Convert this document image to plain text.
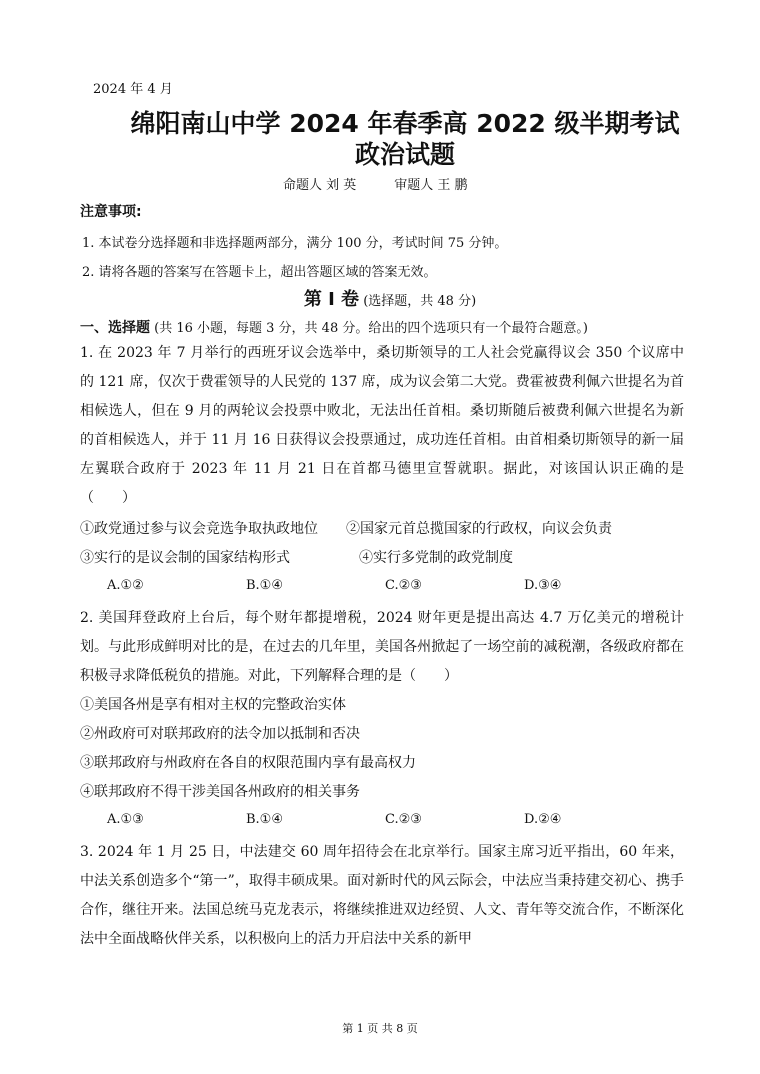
2024 年 4 月
绵阳南山中学 2024 年春季高 2022 级半期考试
政治试题
命题人 刘 英	审题人 王 鹏
注意事项:
1. 本试卷分选择题和非选择题两部分，满分 100 分，考试时间 75 分钟。
2. 请将各题的答案写在答题卡上，超出答题区域的答案无效。
第 I 卷 (选择题，共 48 分)
一、选择题 (共 16 小题，每题 3 分，共 48 分。给出的四个选项只有一个最符合题意。)
1. 在 2023 年 7 月举行的西班牙议会选举中，桑切斯领导的工人社会党赢得议会 350 个议席中的 121 席，仅次于费霍领导的人民党的 137 席，成为议会第二大党。费霍被费利佩六世提名为首相候选人，但在 9 月的两轮议会投票中败北，无法出任首相。桑切斯随后被费利佩六世提名为新的首相候选人，并于 11 月 16 日获得议会投票通过，成功连任首相。由首相桑切斯领导的新一届左翼联合政府于 2023 年 11 月 21 日在首都马德里宣誓就职。据此，对该国认识正确的是（　　）
①政党通过参与议会竞选争取执政地位 ②国家元首总揽国家的行政权，向议会负责
③实行的是议会制的国家结构形式	④实行多党制的政党制度
A.①②	B.①④	C.②③	D.③④
2. 美国拜登政府上台后，每个财年都提增税，2024 财年更是提出高达 4.7 万亿美元的增税计划。与此形成鲜明对比的是，在过去的几年里，美国各州掀起了一场空前的减税潮，各级政府都在积极寻求降低税负的措施。对此，下列解释合理的是（　　）
①美国各州是享有相对主权的完整政治实体
②州政府可对联邦政府的法令加以抵制和否决
③联邦政府与州政府在各自的权限范围内享有最高权力
④联邦政府不得干涉美国各州政府的相关事务
A.①③	B.①④	C.②③	D.②④
3. 2024 年 1 月 25 日，中法建交 60 周年招待会在北京举行。国家主席习近平指出，60 年来，中法关系创造多个“第一”，取得丰硕成果。面对新时代的风云际会，中法应当秉持建交初心、携手合作，继往开来。法国总统马克龙表示，将继续推进双边经贸、人文、青年等交流合作，不断深化法中全面战略伙伴关系，以积极向上的活力开启法中关系的新甲
第 1 页 共 8 页
